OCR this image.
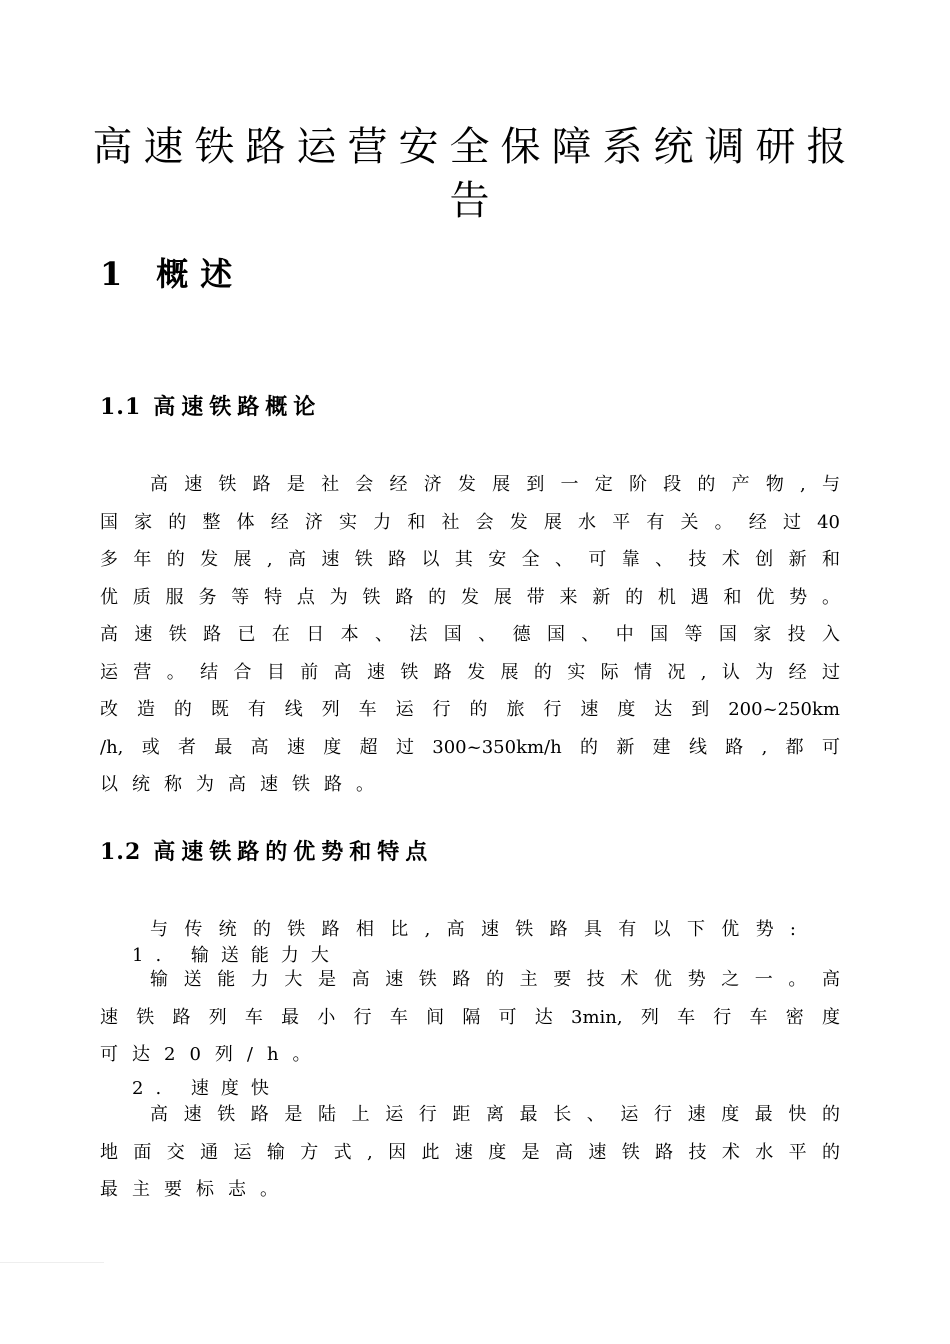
高速铁路运营安全保障系统调研报告
1 概述
1.1 高速铁路概论
高速铁路是社会经济发展到一定阶段的产物,与
国家的整体经济实力和社会发展水平有关。经过40
多年的发展,高速铁路以其安全、可靠、技术创新和
优质服务等特点为铁路的发展带来新的机遇和优势。
高速铁路已在日本、法国、德国、中国等国家投入
运营。结合目前高速铁路发展的实际情况,认为经过
改造的既有线列车运行的旅行速度达到200~250km
/h,或者最高速度超过300~350km/h的新建线路,都可
以统称为高速铁路。
1.2 高速铁路的优势和特点
与传统的铁路相比,高速铁路具有以下优势:

1. 输送能力大

输送能力大是高速铁路的主要技术优势之一。高
速铁路列车最小行车间隔可达3min,列车行车密度
可达20列/h。

2. 速度快

高速铁路是陆上运行距离最长、运行速度最快的
地面交通运输方式,因此速度是高速铁路技术水平的
最主要标志。
